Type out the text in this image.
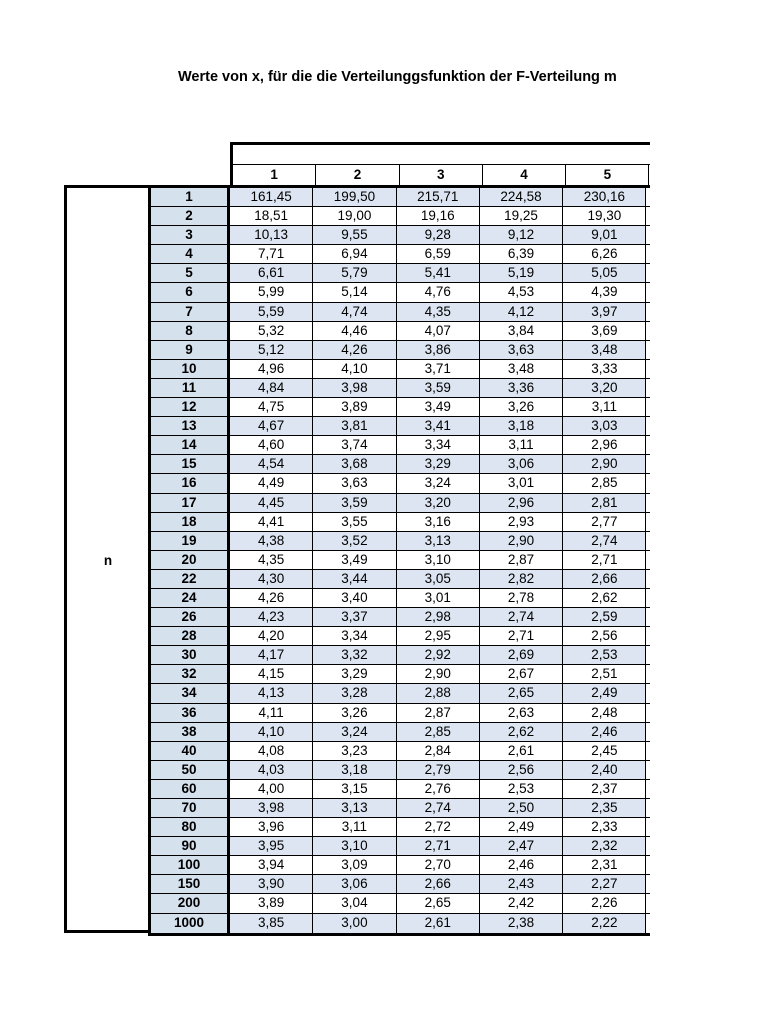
Werte von x, für die die Verteilunggsfunktion der F-Verteilung m
1	2	3	4	5
n
1	161,45	199,50	215,71	224,58	230,16
2	18,51	19,00	19,16	19,25	19,30
3	10,13	9,55	9,28	9,12	9,01
4	7,71	6,94	6,59	6,39	6,26
5	6,61	5,79	5,41	5,19	5,05
6	5,99	5,14	4,76	4,53	4,39
7	5,59	4,74	4,35	4,12	3,97
8	5,32	4,46	4,07	3,84	3,69
9	5,12	4,26	3,86	3,63	3,48
10	4,96	4,10	3,71	3,48	3,33
11	4,84	3,98	3,59	3,36	3,20
12	4,75	3,89	3,49	3,26	3,11
13	4,67	3,81	3,41	3,18	3,03
14	4,60	3,74	3,34	3,11	2,96
15	4,54	3,68	3,29	3,06	2,90
16	4,49	3,63	3,24	3,01	2,85
17	4,45	3,59	3,20	2,96	2,81
18	4,41	3,55	3,16	2,93	2,77
19	4,38	3,52	3,13	2,90	2,74
20	4,35	3,49	3,10	2,87	2,71
22	4,30	3,44	3,05	2,82	2,66
24	4,26	3,40	3,01	2,78	2,62
26	4,23	3,37	2,98	2,74	2,59
28	4,20	3,34	2,95	2,71	2,56
30	4,17	3,32	2,92	2,69	2,53
32	4,15	3,29	2,90	2,67	2,51
34	4,13	3,28	2,88	2,65	2,49
36	4,11	3,26	2,87	2,63	2,48
38	4,10	3,24	2,85	2,62	2,46
40	4,08	3,23	2,84	2,61	2,45
50	4,03	3,18	2,79	2,56	2,40
60	4,00	3,15	2,76	2,53	2,37
70	3,98	3,13	2,74	2,50	2,35
80	3,96	3,11	2,72	2,49	2,33
90	3,95	3,10	2,71	2,47	2,32
100	3,94	3,09	2,70	2,46	2,31
150	3,90	3,06	2,66	2,43	2,27
200	3,89	3,04	2,65	2,42	2,26
1000	3,85	3,00	2,61	2,38	2,22
